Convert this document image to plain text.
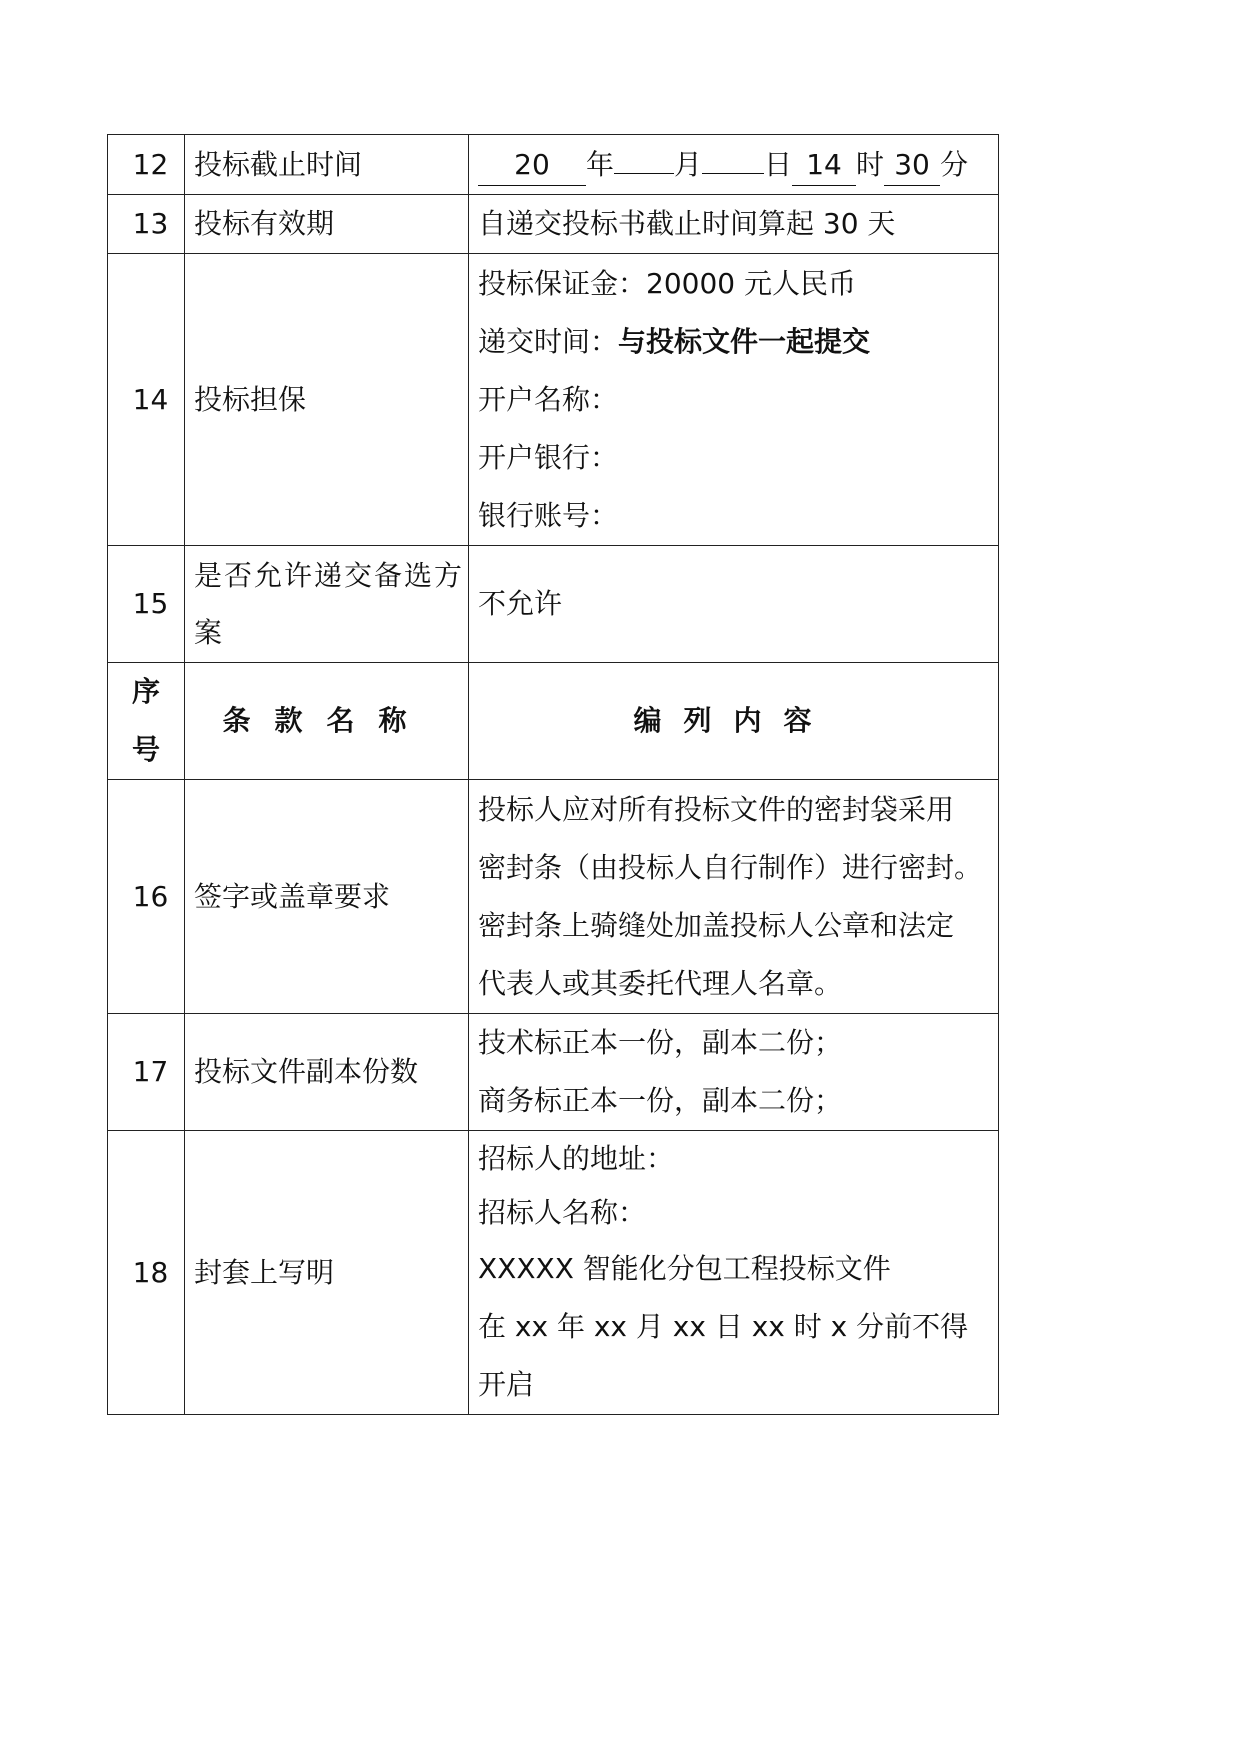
12	投标截止时间	20 年 月 日 14 时 30 分
13	投标有效期	自递交投标书截止时间算起 30 天
14	投标担保	投标保证金：20000 元人民币
递交时间：与投标文件一起提交
开户名称：
开户银行：
银行账号：

15	是否允许递交备选方案	不允许

序
号	条款名称	编列内容
16	签字或盖章要求	投标人应对所有投标文件的密封袋采用
密封条（由投标人自行制作）进行密封。
密封条上骑缝处加盖投标人公章和法定
代表人或其委托代理人名章。

17	投标文件副本份数	技术标正本一份，副本二份；
商务标正本一份，副本二份；

18	封套上写明	招标人的地址：
招标人名称：
XXXXX 智能化分包工程投标文件
在 xx 年 xx 月 xx 日 xx 时 x 分前不得
开启
